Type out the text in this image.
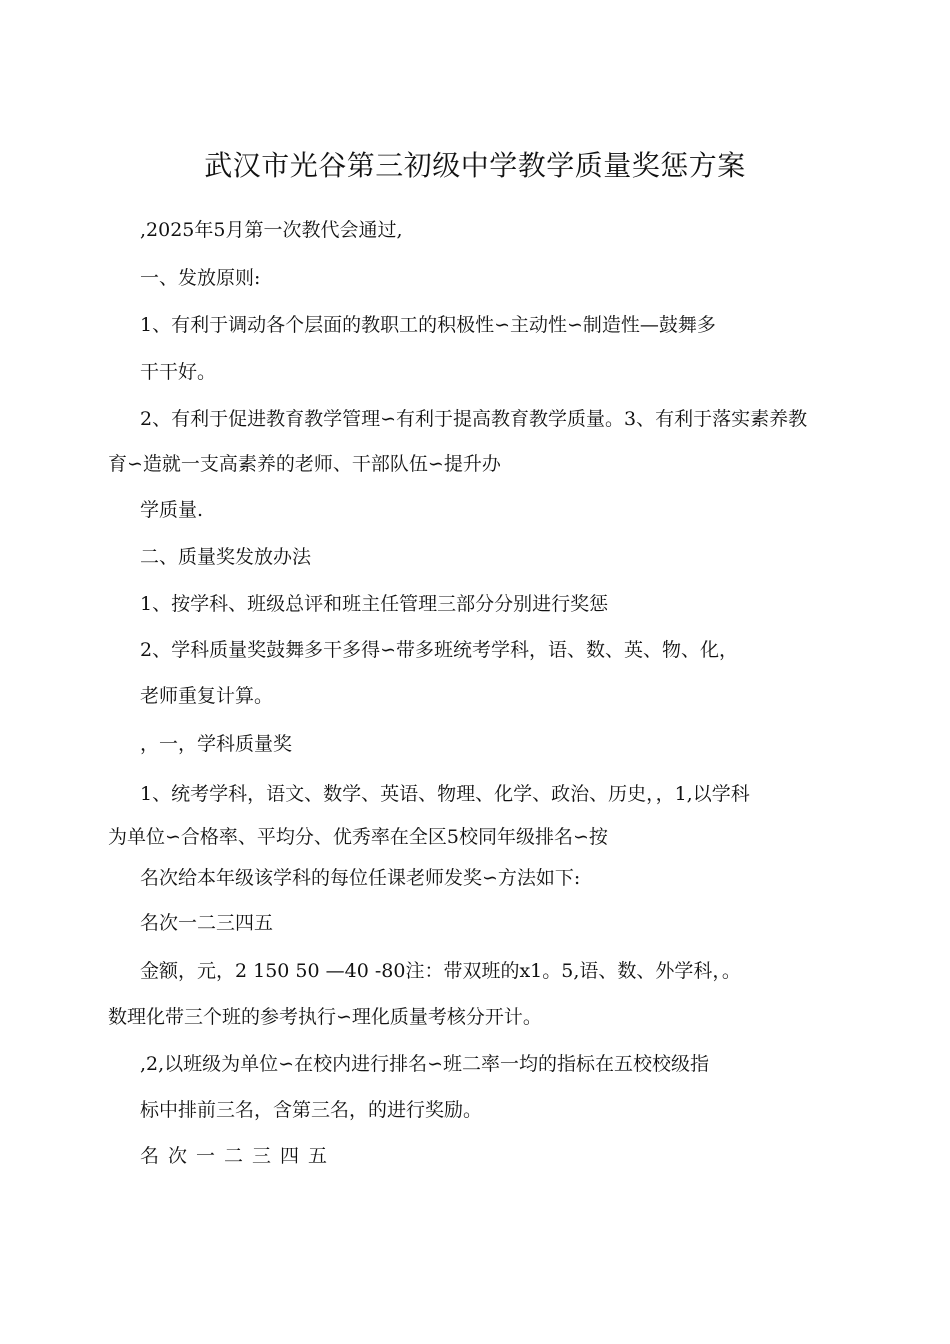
武汉市光谷第三初级中学教学质量奖惩方案
,2025年5月第一次教代会通过,
一、发放原则:
1、有利于调动各个层面的教职工的积极性∽主动性∽制造性—鼓舞多
干干好。
2、有利于促进教育教学管理∽有利于提高教育教学质量。3、有利于落实素养教
育∽造就一支高素养的老师、干部队伍∽提升办
学质量.
二、质量奖发放办法
1、按学科、班级总评和班主任管理三部分分别进行奖惩
2、学科质量奖鼓舞多干多得∽带多班统考学科，语、数、英、物、化，
老师重复计算。
，一，学科质量奖
1、统考学科，语文、数学、英语、物理、化学、政治、历史，，1,以学科
为单位∽合格率、平均分、优秀率在全区5校同年级排名∽按
名次给本年级该学科的每位任课老师发奖∽方法如下:
名次一二三四五
金额，元，2 150 50 —40 -80注：带双班的x1。5,语、数、外学科，。
数理化带三个班的参考执行∽理化质量考核分开计。
,2,以班级为单位∽在校内进行排名∽班二率一均的指标在五校校级指
标中排前三名，含第三名，的进行奖励。
名次一二三四五
